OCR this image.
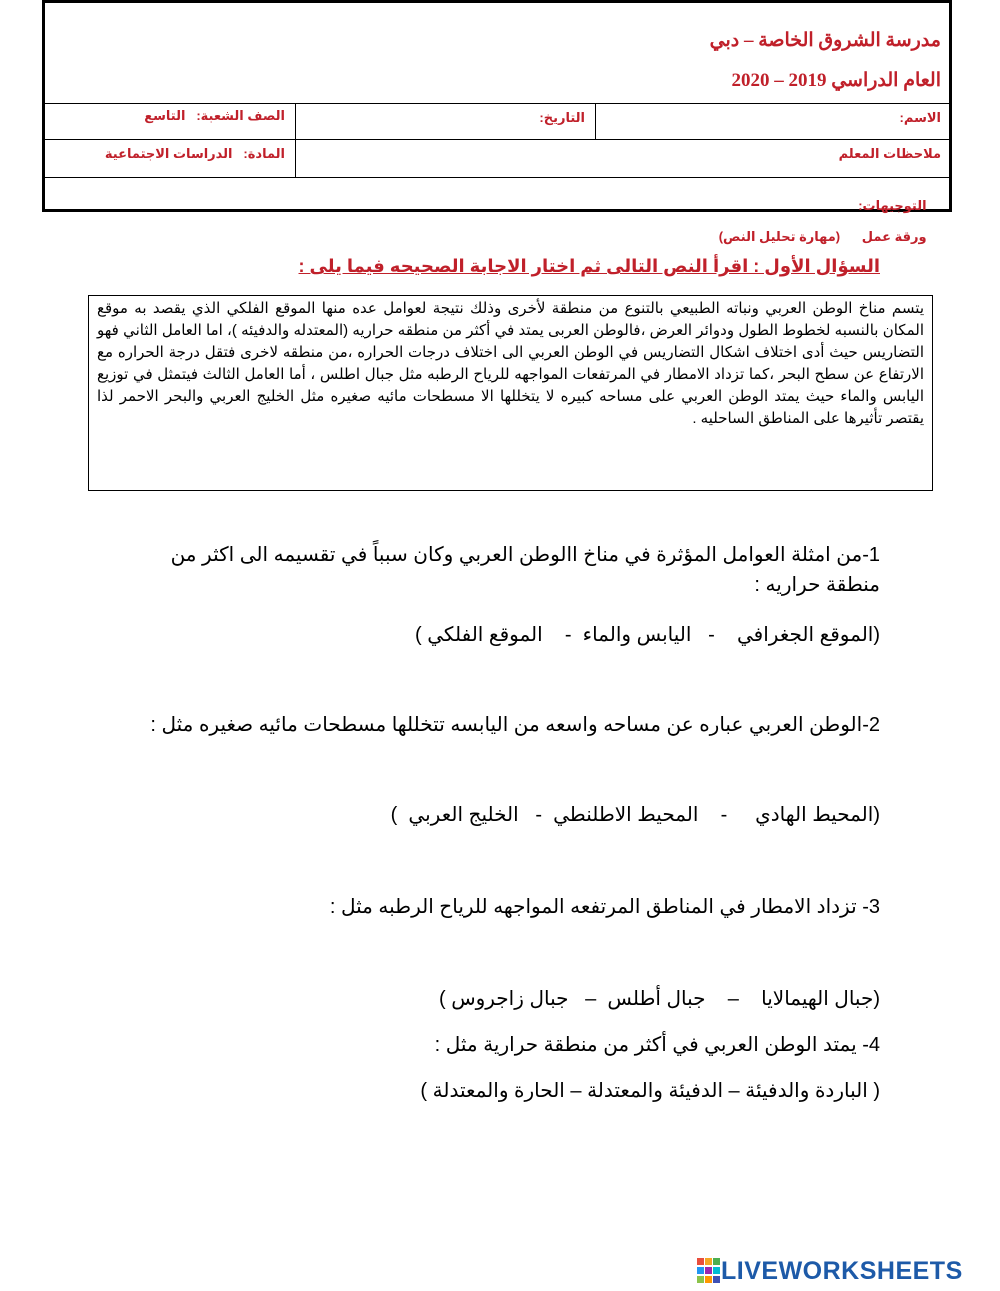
مدرسة الشروق الخاصة – دبي
العام الدراسي 2019 – 2020
الاسم:
التاريخ:
الصف الشعبة:   التاسع
ملاحظات المعلم
المادة:   الدراسات الاجتماعية

التوجيهات:

ورقة عمل      (مهارة تحليل النص)

السؤال الأول : اقرأ النص التالى ثم اختار الاجابة الصحيحه فيما يلى :
يتسم مناخ الوطن العربي ونباته الطبيعي بالتنوع من منطقة لأخرى وذلك نتيجة لعوامل عده منها الموقع الفلكي الذي يقصد به موقع المكان بالنسبه لخطوط الطول ودوائر العرض ،فالوطن العربى يمتد في أكثر من منطقه حراريه (المعتدله والدفيئه )، اما العامل الثاني فهو التضاريس حيث أدى اختلاف اشكال التضاريس في الوطن العربي الى اختلاف درجات الحراره ،من منطقه لاخرى فتقل درجة الحراره مع الارتفاع عن سطح البحر ،كما تزداد الامطار في المرتفعات المواجهه للرياح الرطبه مثل جبال اطلس ، أما العامل الثالث فيتمثل في توزيع اليابس والماء حيث يمتد الوطن العربي على مساحه كبيره لا يتخللها الا مسطحات مائيه صغيره مثل الخليج العربي والبحر الاحمر لذا يقتصر تأثيرها على المناطق الساحليه .
1-من امثلة العوامل المؤثرة في مناخ االوطن العربي وكان سبباً في تقسيمه الى اكثر من منطقة حراريه :
(الموقع الجغرافي    -   اليابس والماء  -    الموقع الفلكي )
2-الوطن العربي عباره عن مساحه واسعه من اليابسه تتخللها مسطحات مائيه صغيره مثل :
(المحيط الهادي     -    المحيط الاطلنطي  -   الخليج العربي  )
3- تزداد الامطار في المناطق المرتفعه المواجهه للرياح الرطبه مثل :
(جبال الهيمالايا    –    جبال أطلس  –   جبال زاجروس )
4- يمتد الوطن العربي في أكثر من منطقة حرارية مثل :
( الباردة والدفيئة – الدفيئة والمعتدلة – الحارة والمعتدلة )
LIVEWORKSHEETS
